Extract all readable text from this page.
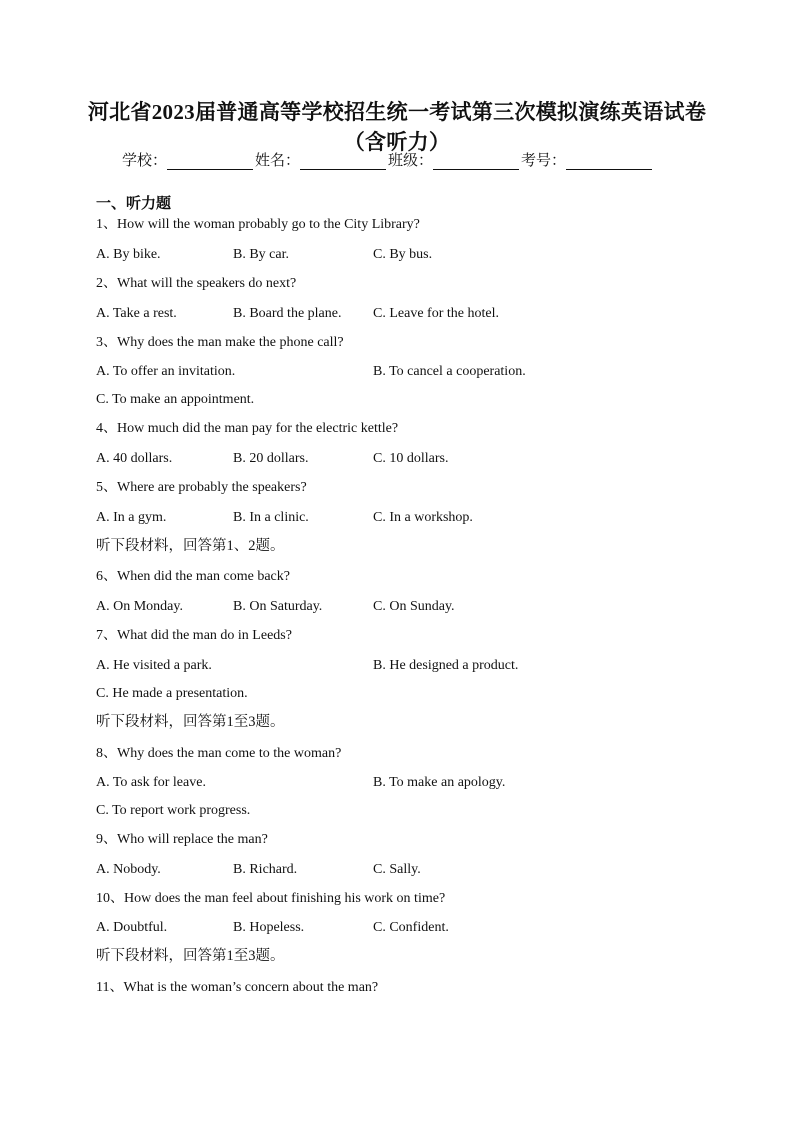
河北省2023届普通高等学校招生统一考试第三次模拟演练英语试卷
（含听力）
学校：	姓名：	班级：	考号：
一、听力题
1、How will the woman probably go to the City Library?
A. By bike.	B. By car.	C. By bus.
2、What will the speakers do next?
A. Take a rest.	B. Board the plane. C. Leave for the hotel.
3、Why does the man make the phone call?
A. To offer an invitation.	B. To cancel a cooperation.
C. To make an appointment.
4、How much did the man pay for the electric kettle?
A. 40 dollars.	B. 20 dollars.	C. 10 dollars.
5、Where are probably the speakers?
A. In a gym.	B. In a clinic.	C. In a workshop.
听下段材料，回答第1、2题。
6、When did the man come back?
A. On Monday.	B. On Saturday.	C. On Sunday.
7、What did the man do in Leeds?
A. He visited a park.	B. He designed a product.
C. He made a presentation.
听下段材料，回答第1至3题。
8、Why does the man come to the woman?
A. To ask for leave.	B. To make an apology.
C. To report work progress.
9、Who will replace the man?
A. Nobody.	B. Richard.	C. Sally.
10、How does the man feel about finishing his work on time?
A. Doubtful.	B. Hopeless.	C. Confident.
听下段材料，回答第1至3题。
11、What is the woman’s concern about the man?
